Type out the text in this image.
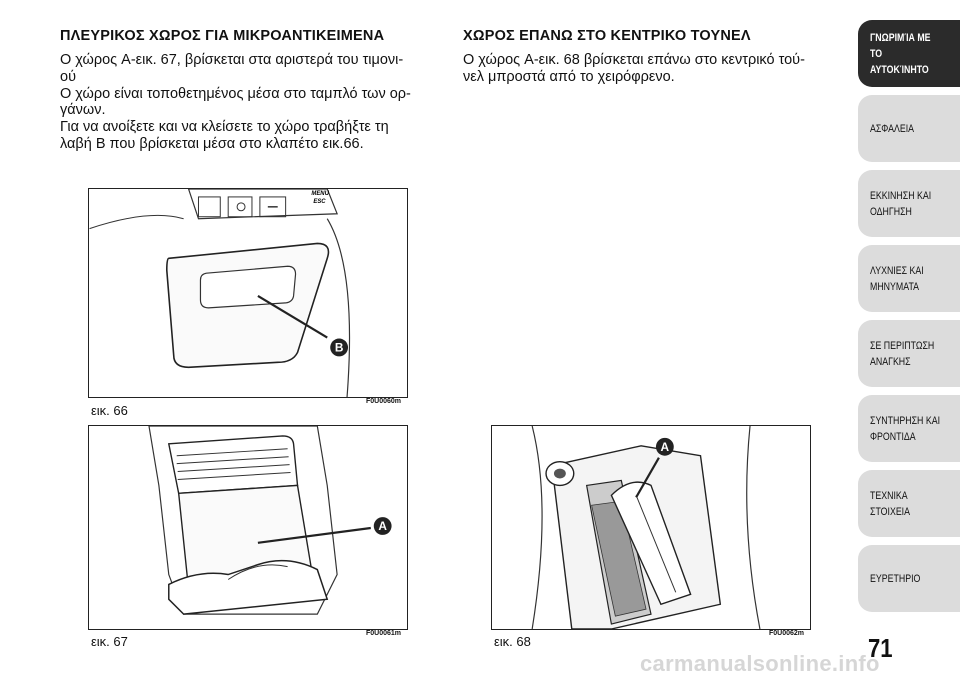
ΠΛΕΥΡΙΚΟΣ ΧΩΡΟΣ ΓΙΑ ΜΙΚΡΟΑΝΤΙΚΕΙΜΕΝΑ
Ο χώρος A-εικ. 67, βρίσκεται στα αριστερά του τιμονι-
ού
Ο χώρο είναι τοποθετημένος μέσα στο ταμπλό των ορ-
γάνων.
Για να ανοίξετε και να κλείσετε το χώρο τραβήξτε τη
λαβή B που βρίσκεται μέσα στο κλαπέτο εικ.66.
ΧΩΡΟΣ ΕΠΑΝΩ ΣΤΟ ΚΕΝΤΡΙΚΟ ΤΟΥΝΕΛ
Ο χώρος A-εικ. 68 βρίσκεται επάνω στο κεντρικό τού-
νελ μπροστά από το χειρόφρενο.
MENU
ESC
B
εικ. 66
F0U0060m
A
εικ. 67
F0U0061m
A
εικ. 68
F0U0062m
ΓΝΩΡΙΜΊΑ ΜΕ ΤΟ
ΑΥΤΟΚΊΝΗΤΟ
ΑΣΦΑΛΕΙΑ
ΕΚΚΙΝΗΣΗ ΚΑΙ
ΟΔΗΓΗΣΗ
ΛΥΧΝΙΕΣ ΚΑΙ
ΜΗΝΥΜΑΤΑ
ΣΕ ΠΕΡΙΠΤΩΣΗ
ΑΝΑΓΚΗΣ
ΣΥΝΤΗΡΗΣΗ ΚΑΙ
ΦΡΟΝΤΙΔΑ
ΤΕΧΝΙΚΑ ΣΤΟΙΧΕΙΑ
ΕΥΡΕΤΗΡΙΟ
71
carmanualsonline.info
